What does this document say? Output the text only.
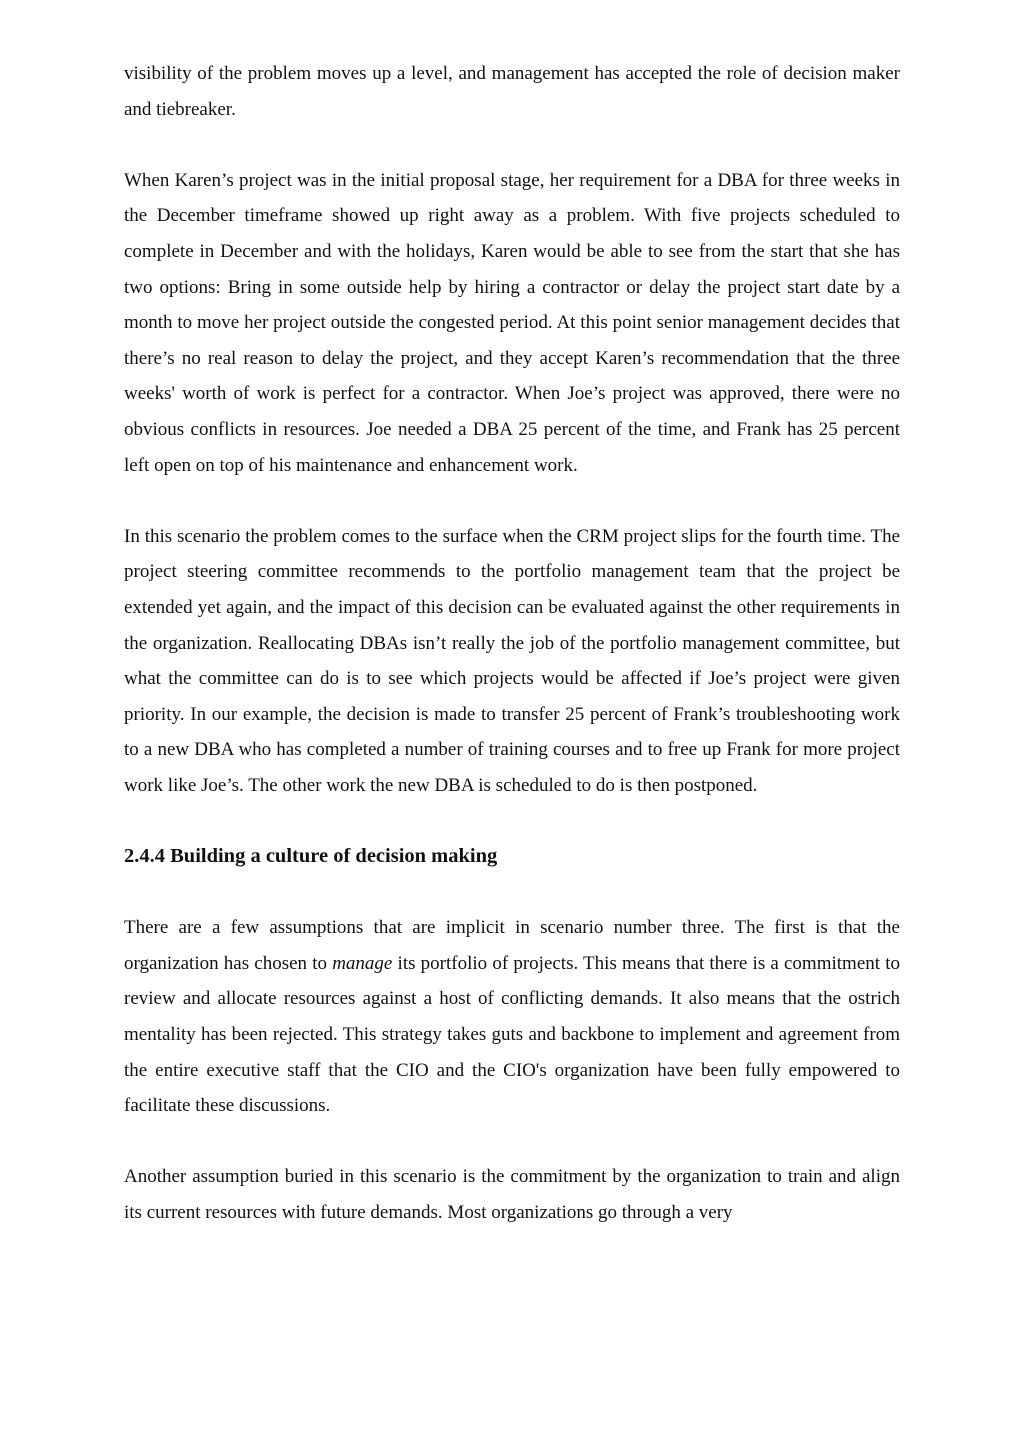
visibility of the problem moves up a level, and management has accepted the role of decision maker and tiebreaker.

When Karen’s project was in the initial proposal stage, her requirement for a DBA for three weeks in the December timeframe showed up right away as a problem. With five projects scheduled to complete in December and with the holidays, Karen would be able to see from the start that she has two options: Bring in some outside help by hiring a contractor or delay the project start date by a month to move her project outside the congested period. At this point senior management decides that there’s no real reason to delay the project, and they accept Karen’s recommendation that the three weeks' worth of work is perfect for a contractor. When Joe’s project was approved, there were no obvious conflicts in resources. Joe needed a DBA 25 percent of the time, and Frank has 25 percent left open on top of his maintenance and enhancement work.

In this scenario the problem comes to the surface when the CRM project slips for the fourth time. The project steering committee recommends to the portfolio management team that the project be extended yet again, and the impact of this decision can be evaluated against the other requirements in the organization. Reallocating DBAs isn’t really the job of the portfolio management committee, but what the committee can do is to see which projects would be affected if Joe’s project were given priority. In our example, the decision is made to transfer 25 percent of Frank’s troubleshooting work to a new DBA who has completed a number of training courses and to free up Frank for more project work like Joe’s. The other work the new DBA is scheduled to do is then postponed.

2.4.4 Building a culture of decision making

There are a few assumptions that are implicit in scenario number three. The first is that the organization has chosen to manage its portfolio of projects. This means that there is a commitment to review and allocate resources against a host of conflicting demands. It also means that the ostrich mentality has been rejected. This strategy takes guts and backbone to implement and agreement from the entire executive staff that the CIO and the CIO's organization have been fully empowered to facilitate these discussions.

Another assumption buried in this scenario is the commitment by the organization to train and align its current resources with future demands. Most organizations go through a very
